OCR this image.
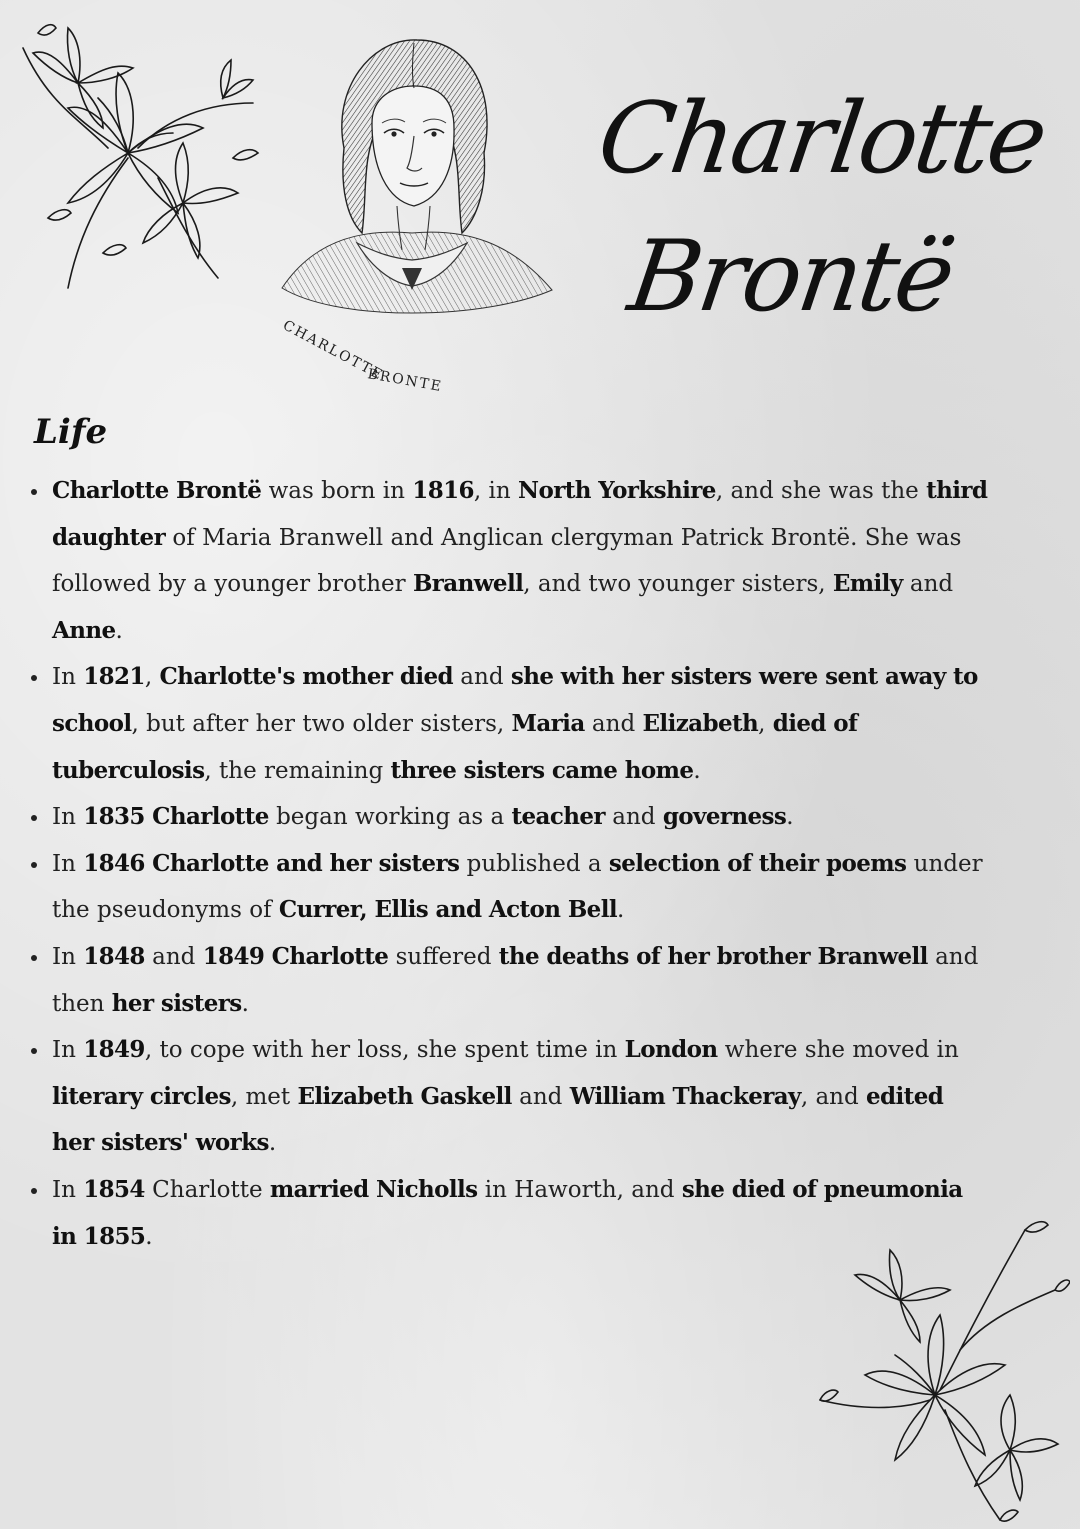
CHARLOTTE
BRONTE
Charlotte
Brontë
Life
• Charlotte Brontë was born in 1816, in North Yorkshire, and she was the third daughter of Maria Branwell and Anglican clergyman Patrick Brontë. She was followed by a younger brother Branwell, and two younger sisters, Emily and Anne.
• In 1821, Charlotte's mother died and she with her sisters were sent away to school, but after her two older sisters, Maria and Elizabeth, died of tuberculosis, the remaining three sisters came home.
• In 1835 Charlotte began working as a teacher and governess.
• In 1846 Charlotte and her sisters published a selection of their poems under the pseudonyms of Currer, Ellis and Acton Bell.
• In 1848 and 1849 Charlotte suffered the deaths of her brother Branwell and then her sisters.
• In 1849, to cope with her loss, she spent time in London where she moved in literary circles, met Elizabeth Gaskell and William Thackeray, and edited her sisters' works.
• In 1854 Charlotte married Nicholls in Haworth, and she died of pneumonia in 1855.
